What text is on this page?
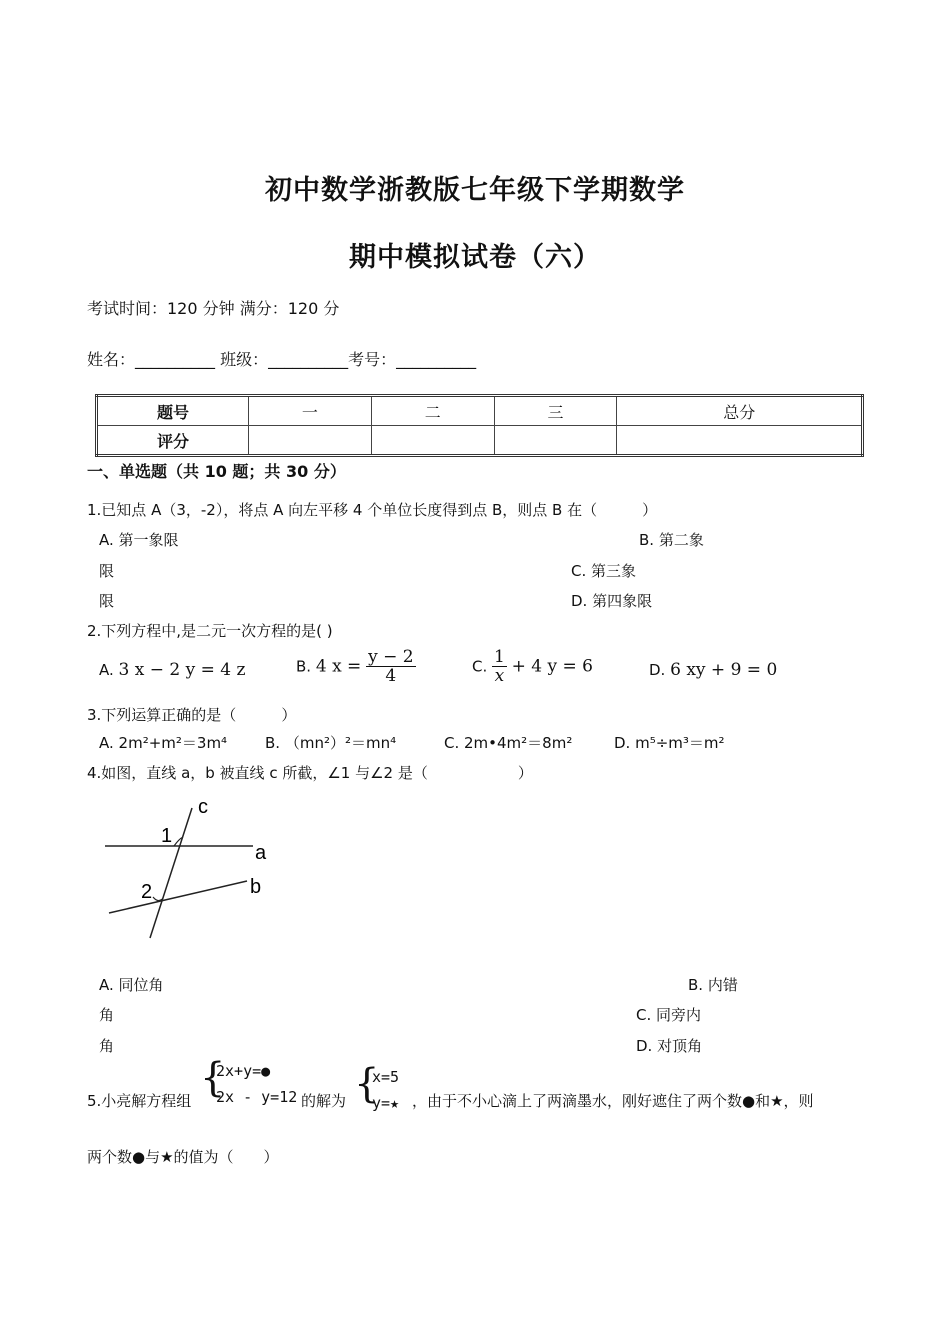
初中数学浙教版七年级下学期数学
期中模拟试卷（六）
考试时间：120 分钟 满分：120 分
姓名：__________ 班级：__________考号：__________
题号	一	二	三	总分
评分				
一、单选题（共 10 题；共 30 分）
1.已知点 A（3，-2），将点 A 向左平移 4 个单位长度得到点 B，则点 B 在（　　　）
A. 第一象限	B. 第二象
限	C. 第三象
限	D. 第四象限
2.下列方程中,是二元一次方程的是( )
A. 3 x − 2 y = 4 z	B. 4 $x = \frac{y - 2}{4}$	C. $\frac{1}{x} + 4$ y = 6	D. 6 xy + 9 = 0
3.下列运算正确的是（　　　）
A. 2m²+m²＝3m⁴	B. （mn²）²＝mn⁴	C. 2m•4m²＝8m²	D. m⁵÷m³＝m²
4.如图，直线 a，b 被直线 c 所截，∠1 与∠2 是（　　　　　　）
c
a
b
1
2
A. 同位角	B. 内错
角	C. 同旁内
角	D. 对顶角
5.小亮解方程组 {
2x+y=●
2x - y=12 的解为 {
x=5
y=★ ，由于不小心滴上了两滴墨水，刚好遮住了两个数●和★，则
两个数●与★的值为（　　）
